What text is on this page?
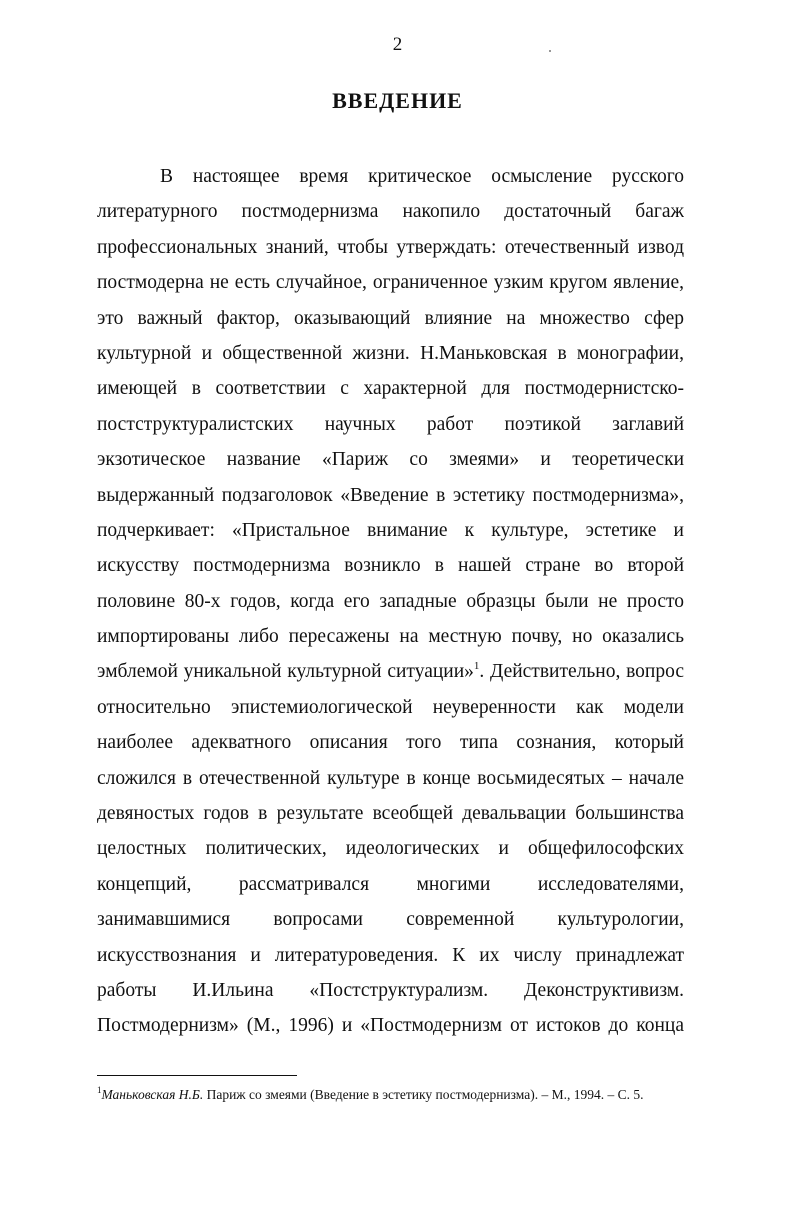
2
ВВЕДЕНИЕ
В настоящее время критическое осмысление русского
литературного постмодернизма накопило достаточный багаж
профессиональных знаний, чтобы утверждать: отечественный извод
постмодерна не есть случайное, ограниченное узким кругом явление,
это важный фактор, оказывающий влияние на множество сфер
культурной и общественной жизни. Н.Маньковская в монографии,
имеющей в соответствии с характерной для постмодернистско-
постструктуралистских научных работ поэтикой заглавий
экзотическое название «Париж со змеями» и теоретически
выдержанный подзаголовок «Введение в эстетику постмодернизма»,
подчеркивает: «Пристальное внимание к культуре, эстетике и
искусству постмодернизма возникло в нашей стране во второй
половине 80-х годов, когда его западные образцы были не просто
импортированы либо пересажены на местную почву, но оказались
эмблемой уникальной культурной ситуации»$^1$. Действительно, вопрос
относительно эпистемиологической неуверенности как модели
наиболее адекватного описания того типа сознания, который
сложился в отечественной культуре в конце восьмидесятых – начале
девяностых годов в результате всеобщей девальвации большинства
целостных политических, идеологических и общефилософских
концепций, рассматривался многими исследователями,
занимавшимися вопросами современной культурологии,
искусствознания и литературоведения. К их числу принадлежат
работы И.Ильина «Постструктурализм. Деконструктивизм.
Постмодернизм» (М., 1996) и «Постмодернизм от истоков до конца
$^1$Маньковская Н.Б. Париж со змеями (Введение в эстетику постмодернизма). – М., 1994. – С. 5.
